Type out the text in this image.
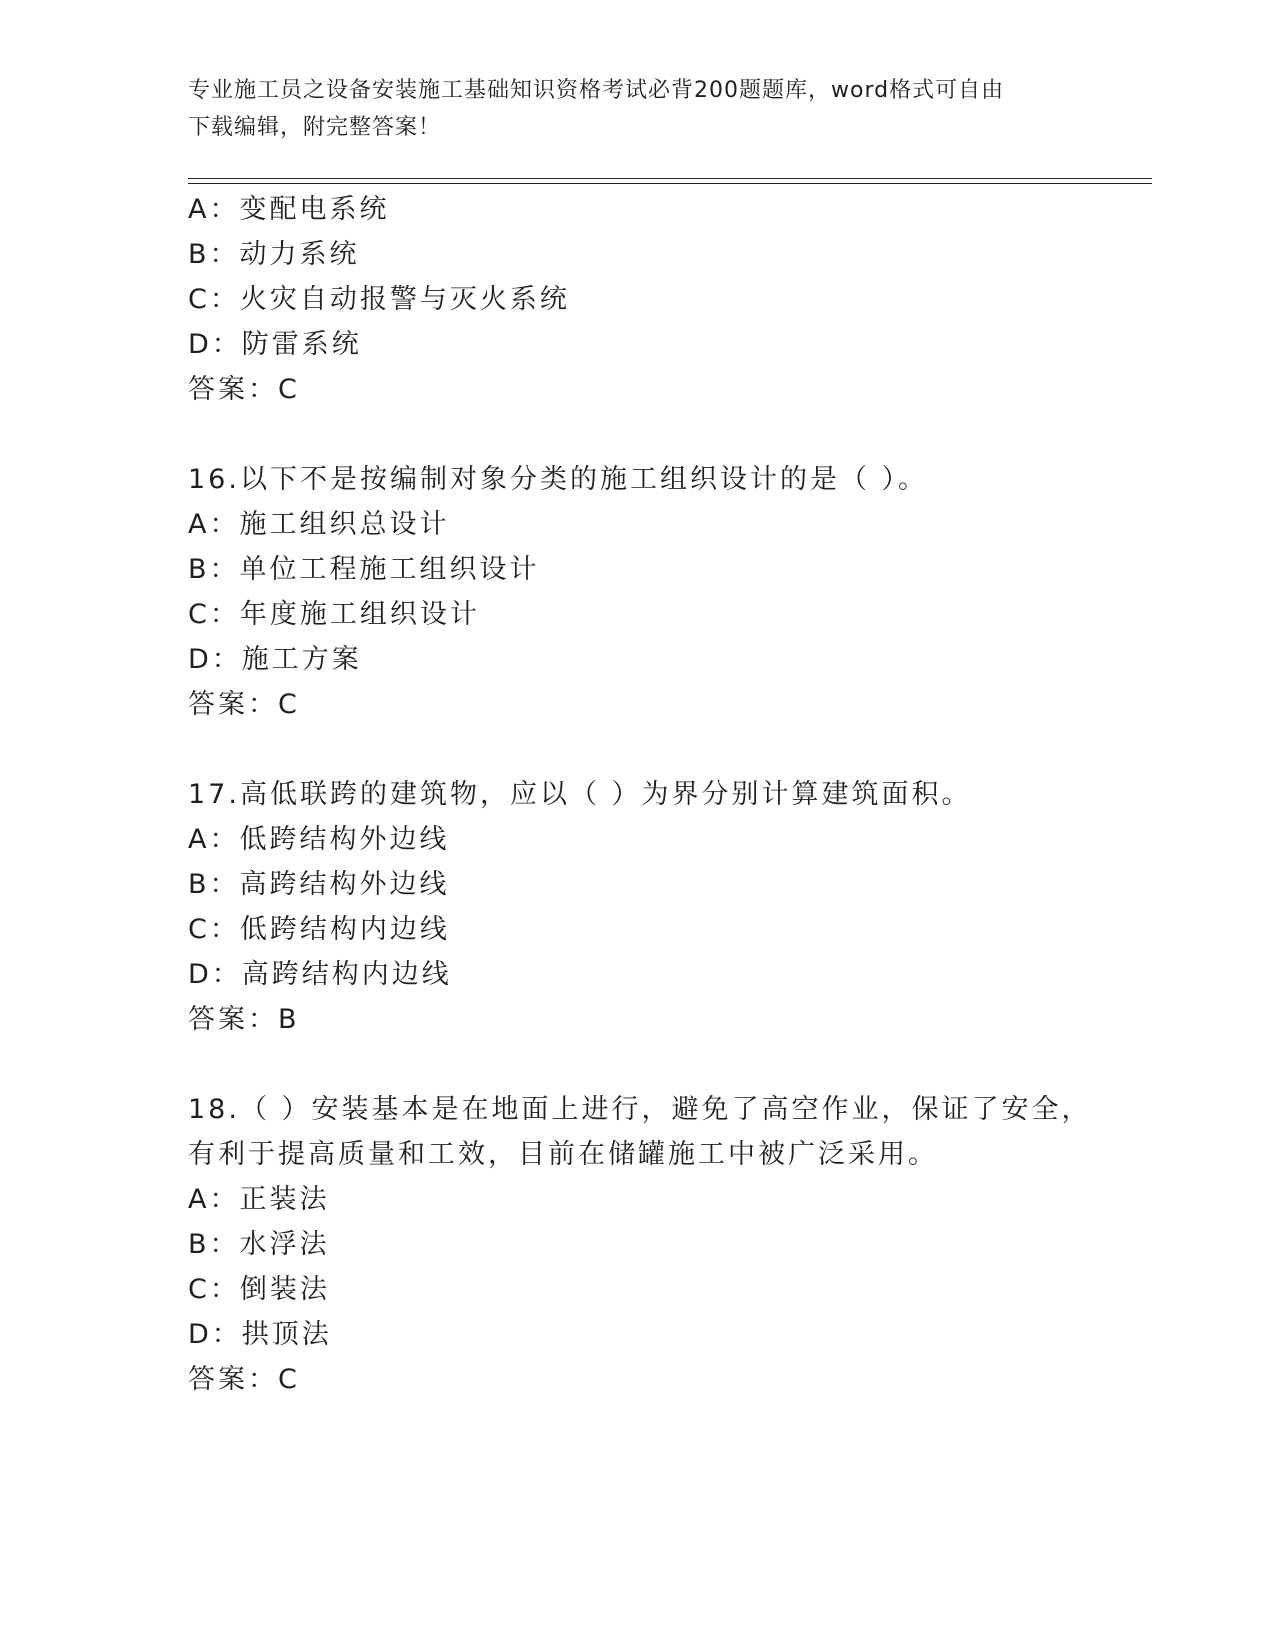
专业施工员之设备安装施工基础知识资格考试必背200题题库，word格式可自由
下载编辑，附完整答案！
A：变配电系统
B：动力系统
C：火灾自动报警与灭火系统
D：防雷系统
答案：C
16.以下不是按编制对象分类的施工组织设计的是（ ）。
A：施工组织总设计
B：单位工程施工组织设计
C：年度施工组织设计
D：施工方案
答案：C
17.高低联跨的建筑物，应以（ ）为界分别计算建筑面积。
A：低跨结构外边线
B：高跨结构外边线
C：低跨结构内边线
D：高跨结构内边线
答案：B
18.（ ）安装基本是在地面上进行，避免了高空作业，保证了安全，
有利于提高质量和工效，目前在储罐施工中被广泛采用。
A：正装法
B：水浮法
C：倒装法
D：拱顶法
答案：C
